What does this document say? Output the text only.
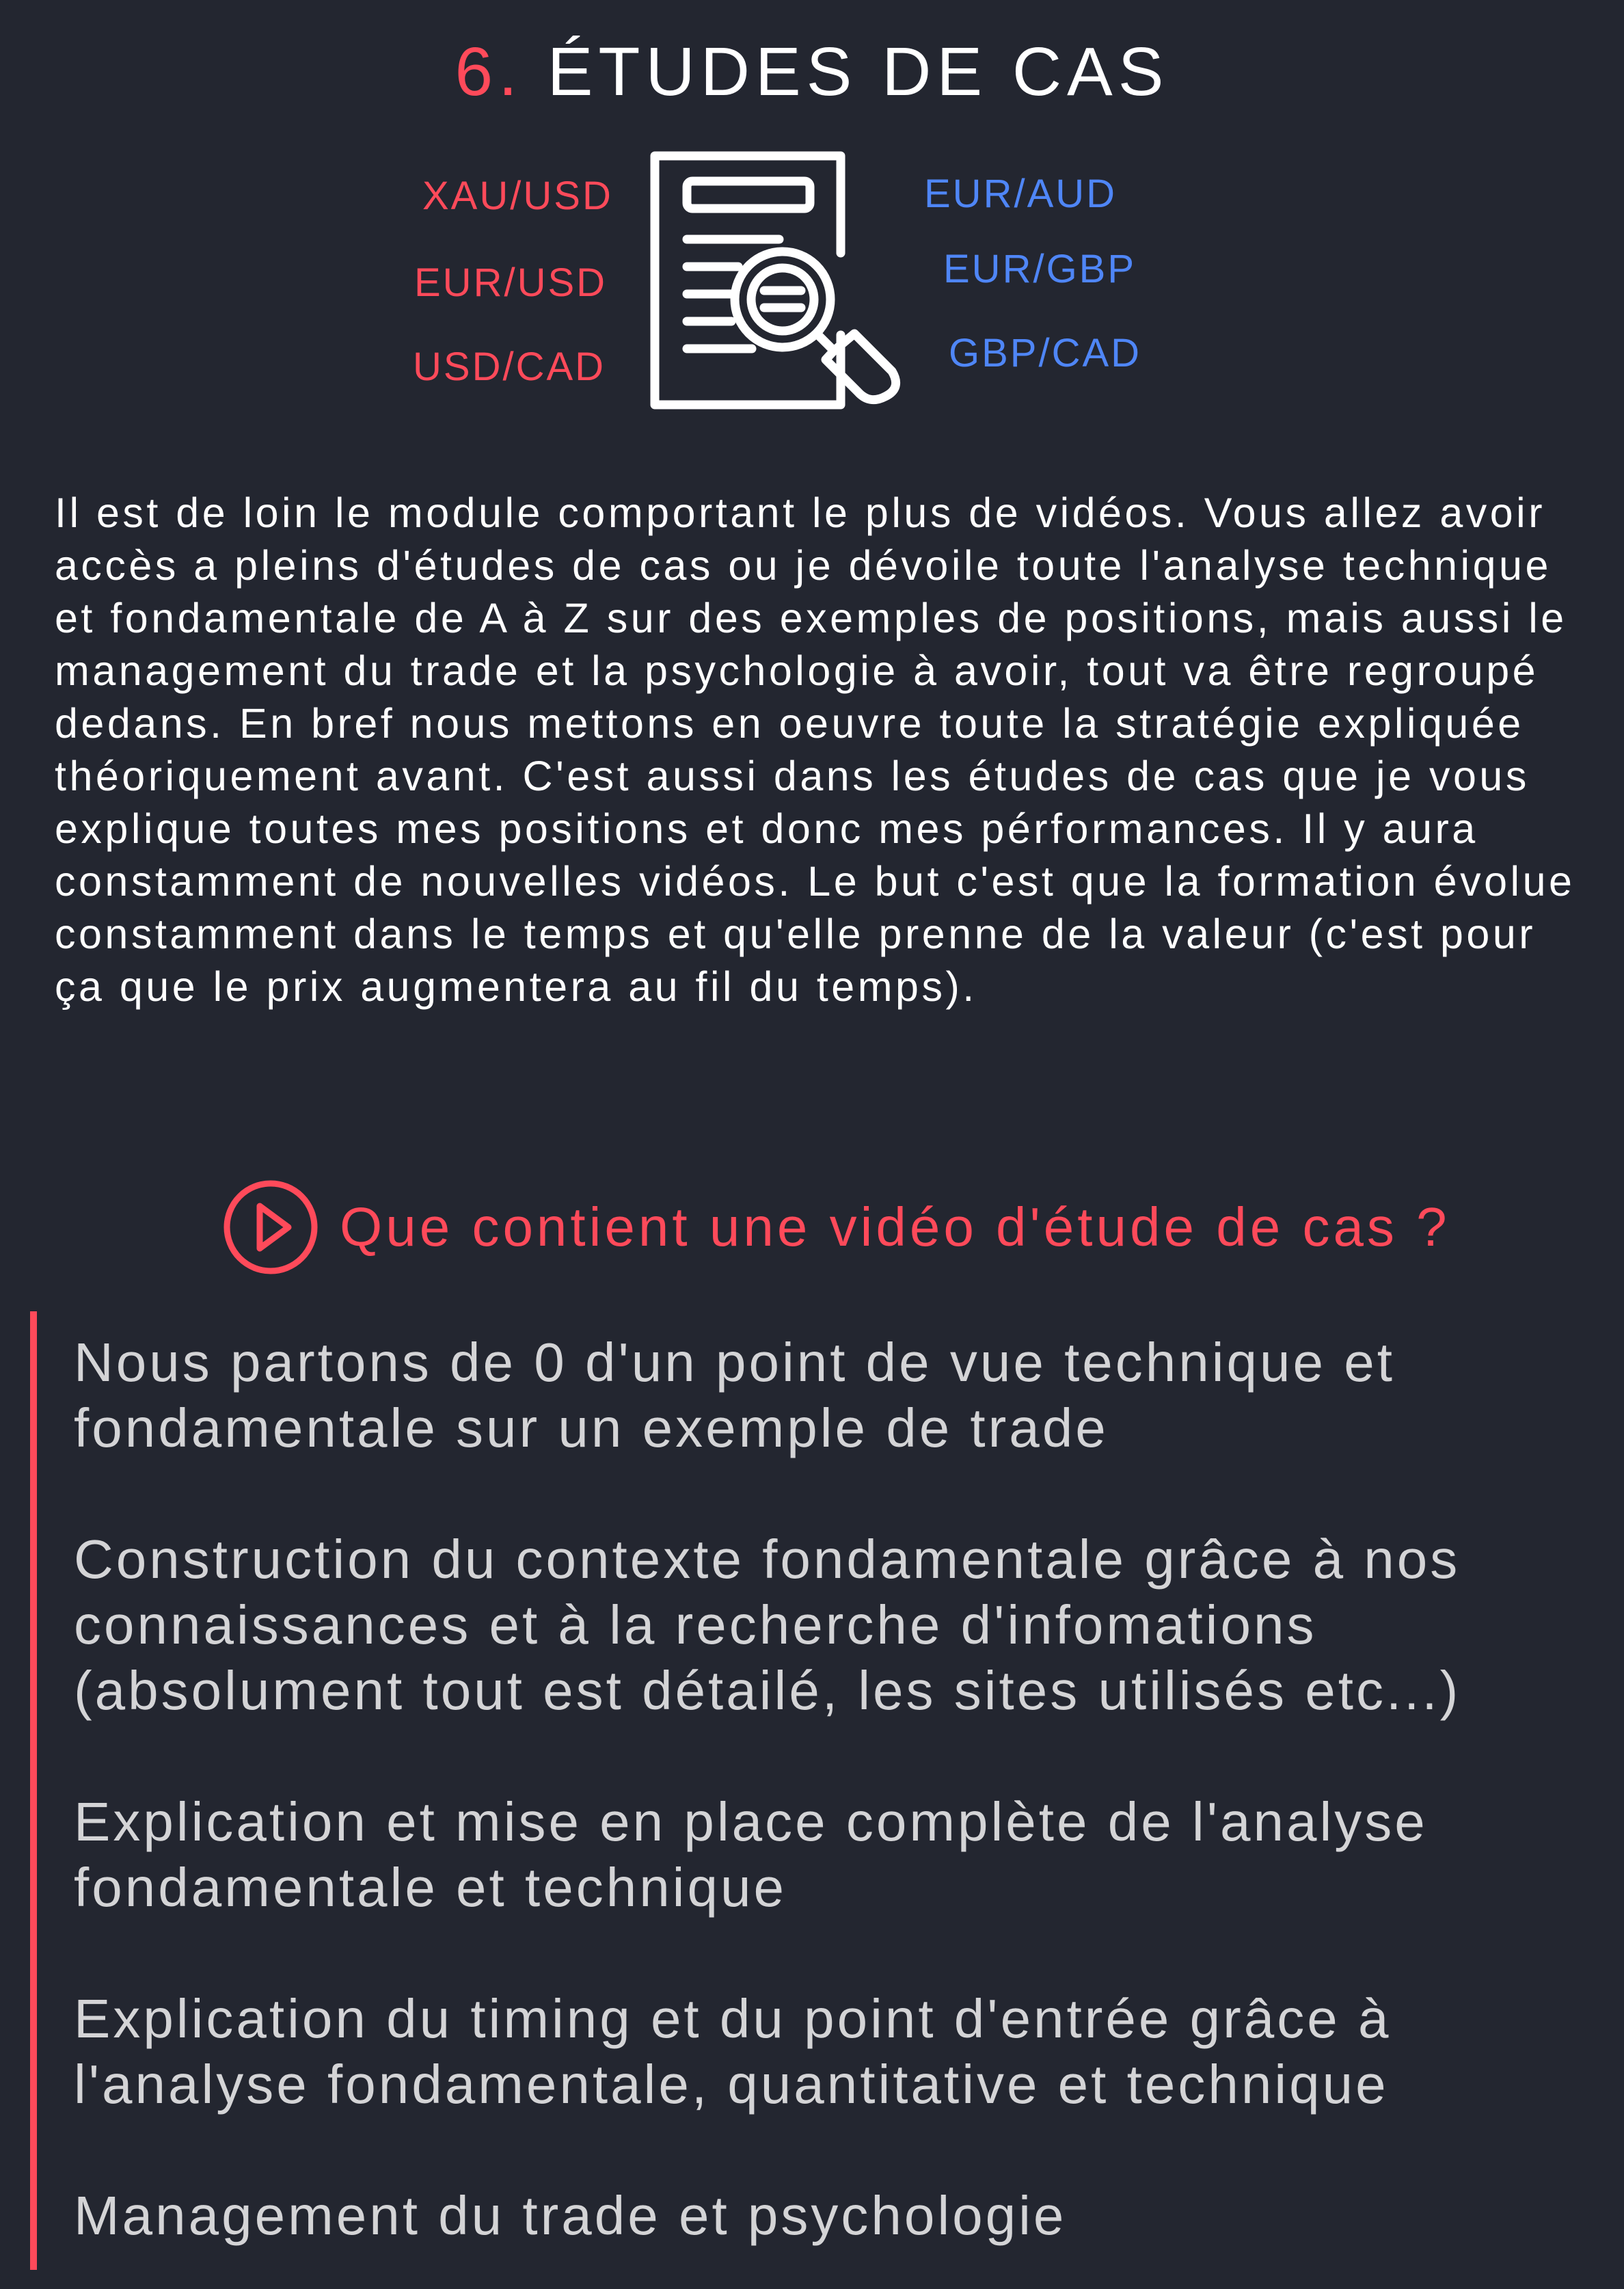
6. ÉTUDES DE CAS
XAU/USD
EUR/USD
USD/CAD
EUR/AUD
EUR/GBP
GBP/CAD

Il est de loin le module comportant le plus de vidéos. Vous allez avoir accès a pleins d'études de cas ou je dévoile toute l'analyse technique et fondamentale de A à Z sur des exemples de positions, mais aussi le management du trade et la psychologie à avoir, tout va être regroupé dedans. En bref nous mettons en oeuvre toute la stratégie expliquée théoriquement avant. C'est aussi dans les études de cas que je vous explique toutes mes positions et donc mes pérformances. Il y aura constamment de nouvelles vidéos. Le but c'est que la formation évolue constamment dans le temps et qu'elle prenne de la valeur (c'est pour ça que le prix augmentera au fil du temps).

Que contient une vidéo d'étude de cas ?

Nous partons de 0 d'un point de vue technique et fondamentale sur un exemple de trade

Construction du contexte fondamentale grâce à nos connaissances et à la recherche d'infomations (absolument tout est détailé, les sites utilisés etc...)

Explication et mise en place complète de l'analyse fondamentale et technique

Explication du timing et du point d'entrée grâce à l'analyse fondamentale, quantitative et technique

Management du trade et psychologie
